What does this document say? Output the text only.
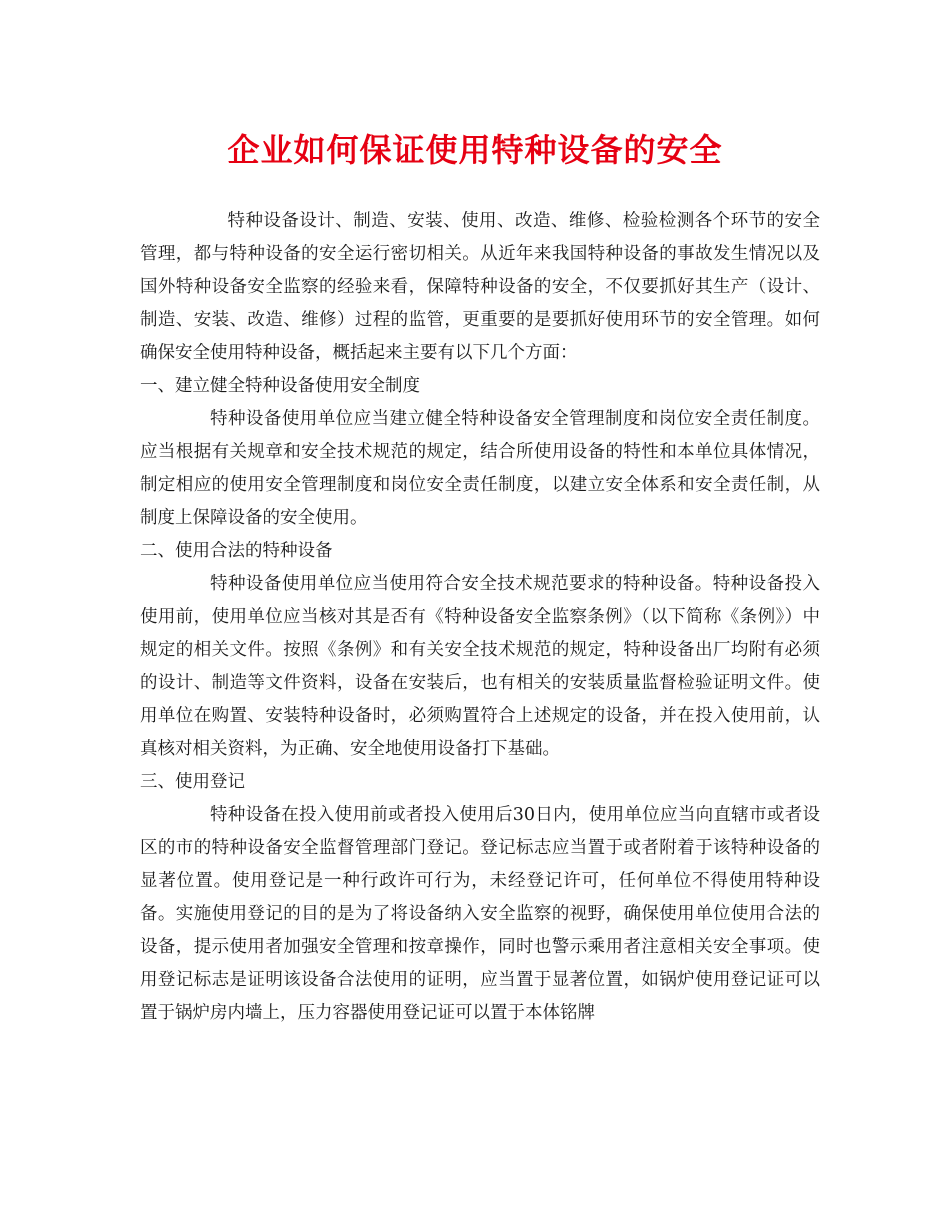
企业如何保证使用特种设备的安全

特种设备设计、制造、安装、使用、改造、维修、检验检测各个环节的安全管理，都与特种设备的安全运行密切相关。从近年来我国特种设备的事故发生情况以及国外特种设备安全监察的经验来看，保障特种设备的安全，不仅要抓好其生产（设计、制造、安装、改造、维修）过程的监管，更重要的是要抓好使用环节的安全管理。如何确保安全使用特种设备，概括起来主要有以下几个方面：

一、建立健全特种设备使用安全制度

特种设备使用单位应当建立健全特种设备安全管理制度和岗位安全责任制度。应当根据有关规章和安全技术规范的规定，结合所使用设备的特性和本单位具体情况，制定相应的使用安全管理制度和岗位安全责任制度，以建立安全体系和安全责任制，从制度上保障设备的安全使用。

二、使用合法的特种设备

特种设备使用单位应当使用符合安全技术规范要求的特种设备。特种设备投入使用前，使用单位应当核对其是否有《特种设备安全监察条例》（以下简称《条例》）中规定的相关文件。按照《条例》和有关安全技术规范的规定，特种设备出厂均附有必须的设计、制造等文件资料，设备在安装后，也有相关的安装质量监督检验证明文件。使用单位在购置、安装特种设备时，必须购置符合上述规定的设备，并在投入使用前，认真核对相关资料，为正确、安全地使用设备打下基础。

三、使用登记

特种设备在投入使用前或者投入使用后30日内，使用单位应当向直辖市或者设区的市的特种设备安全监督管理部门登记。登记标志应当置于或者附着于该特种设备的显著位置。使用登记是一种行政许可行为，未经登记许可，任何单位不得使用特种设备。实施使用登记的目的是为了将设备纳入安全监察的视野，确保使用单位使用合法的设备，提示使用者加强安全管理和按章操作，同时也警示乘用者注意相关安全事项。使用登记标志是证明该设备合法使用的证明，应当置于显著位置，如锅炉使用登记证可以置于锅炉房内墙上，压力容器使用登记证可以置于本体铭牌
